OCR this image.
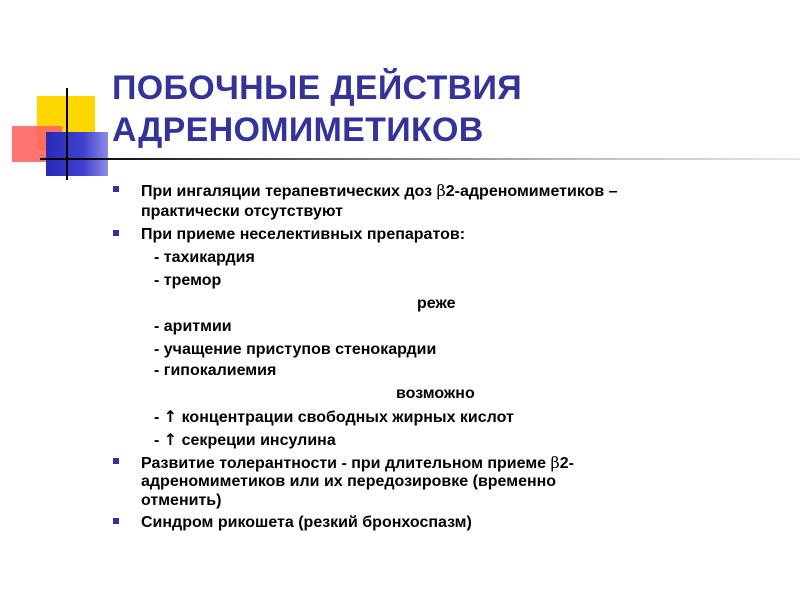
ПОБОЧНЫЕ ДЕЙСТВИЯ
АДРЕНОМИМЕТИКОВ
При ингаляции терапевтических доз β2-адреномиметиков –
практически отсутствуют
При приеме неселективных препаратов:
- тахикардия
- тремор
реже
- аритмии
- учащение приступов стенокардии
- гипокалиемия
возможно
- ↑ концентрации свободных жирных кислот
- ↑ секреции инсулина
Развитие толерантности - при длительном приеме β2-
адреномиметиков или их передозировке (временно
отменить)
Синдром рикошета (резкий бронхоспазм)
